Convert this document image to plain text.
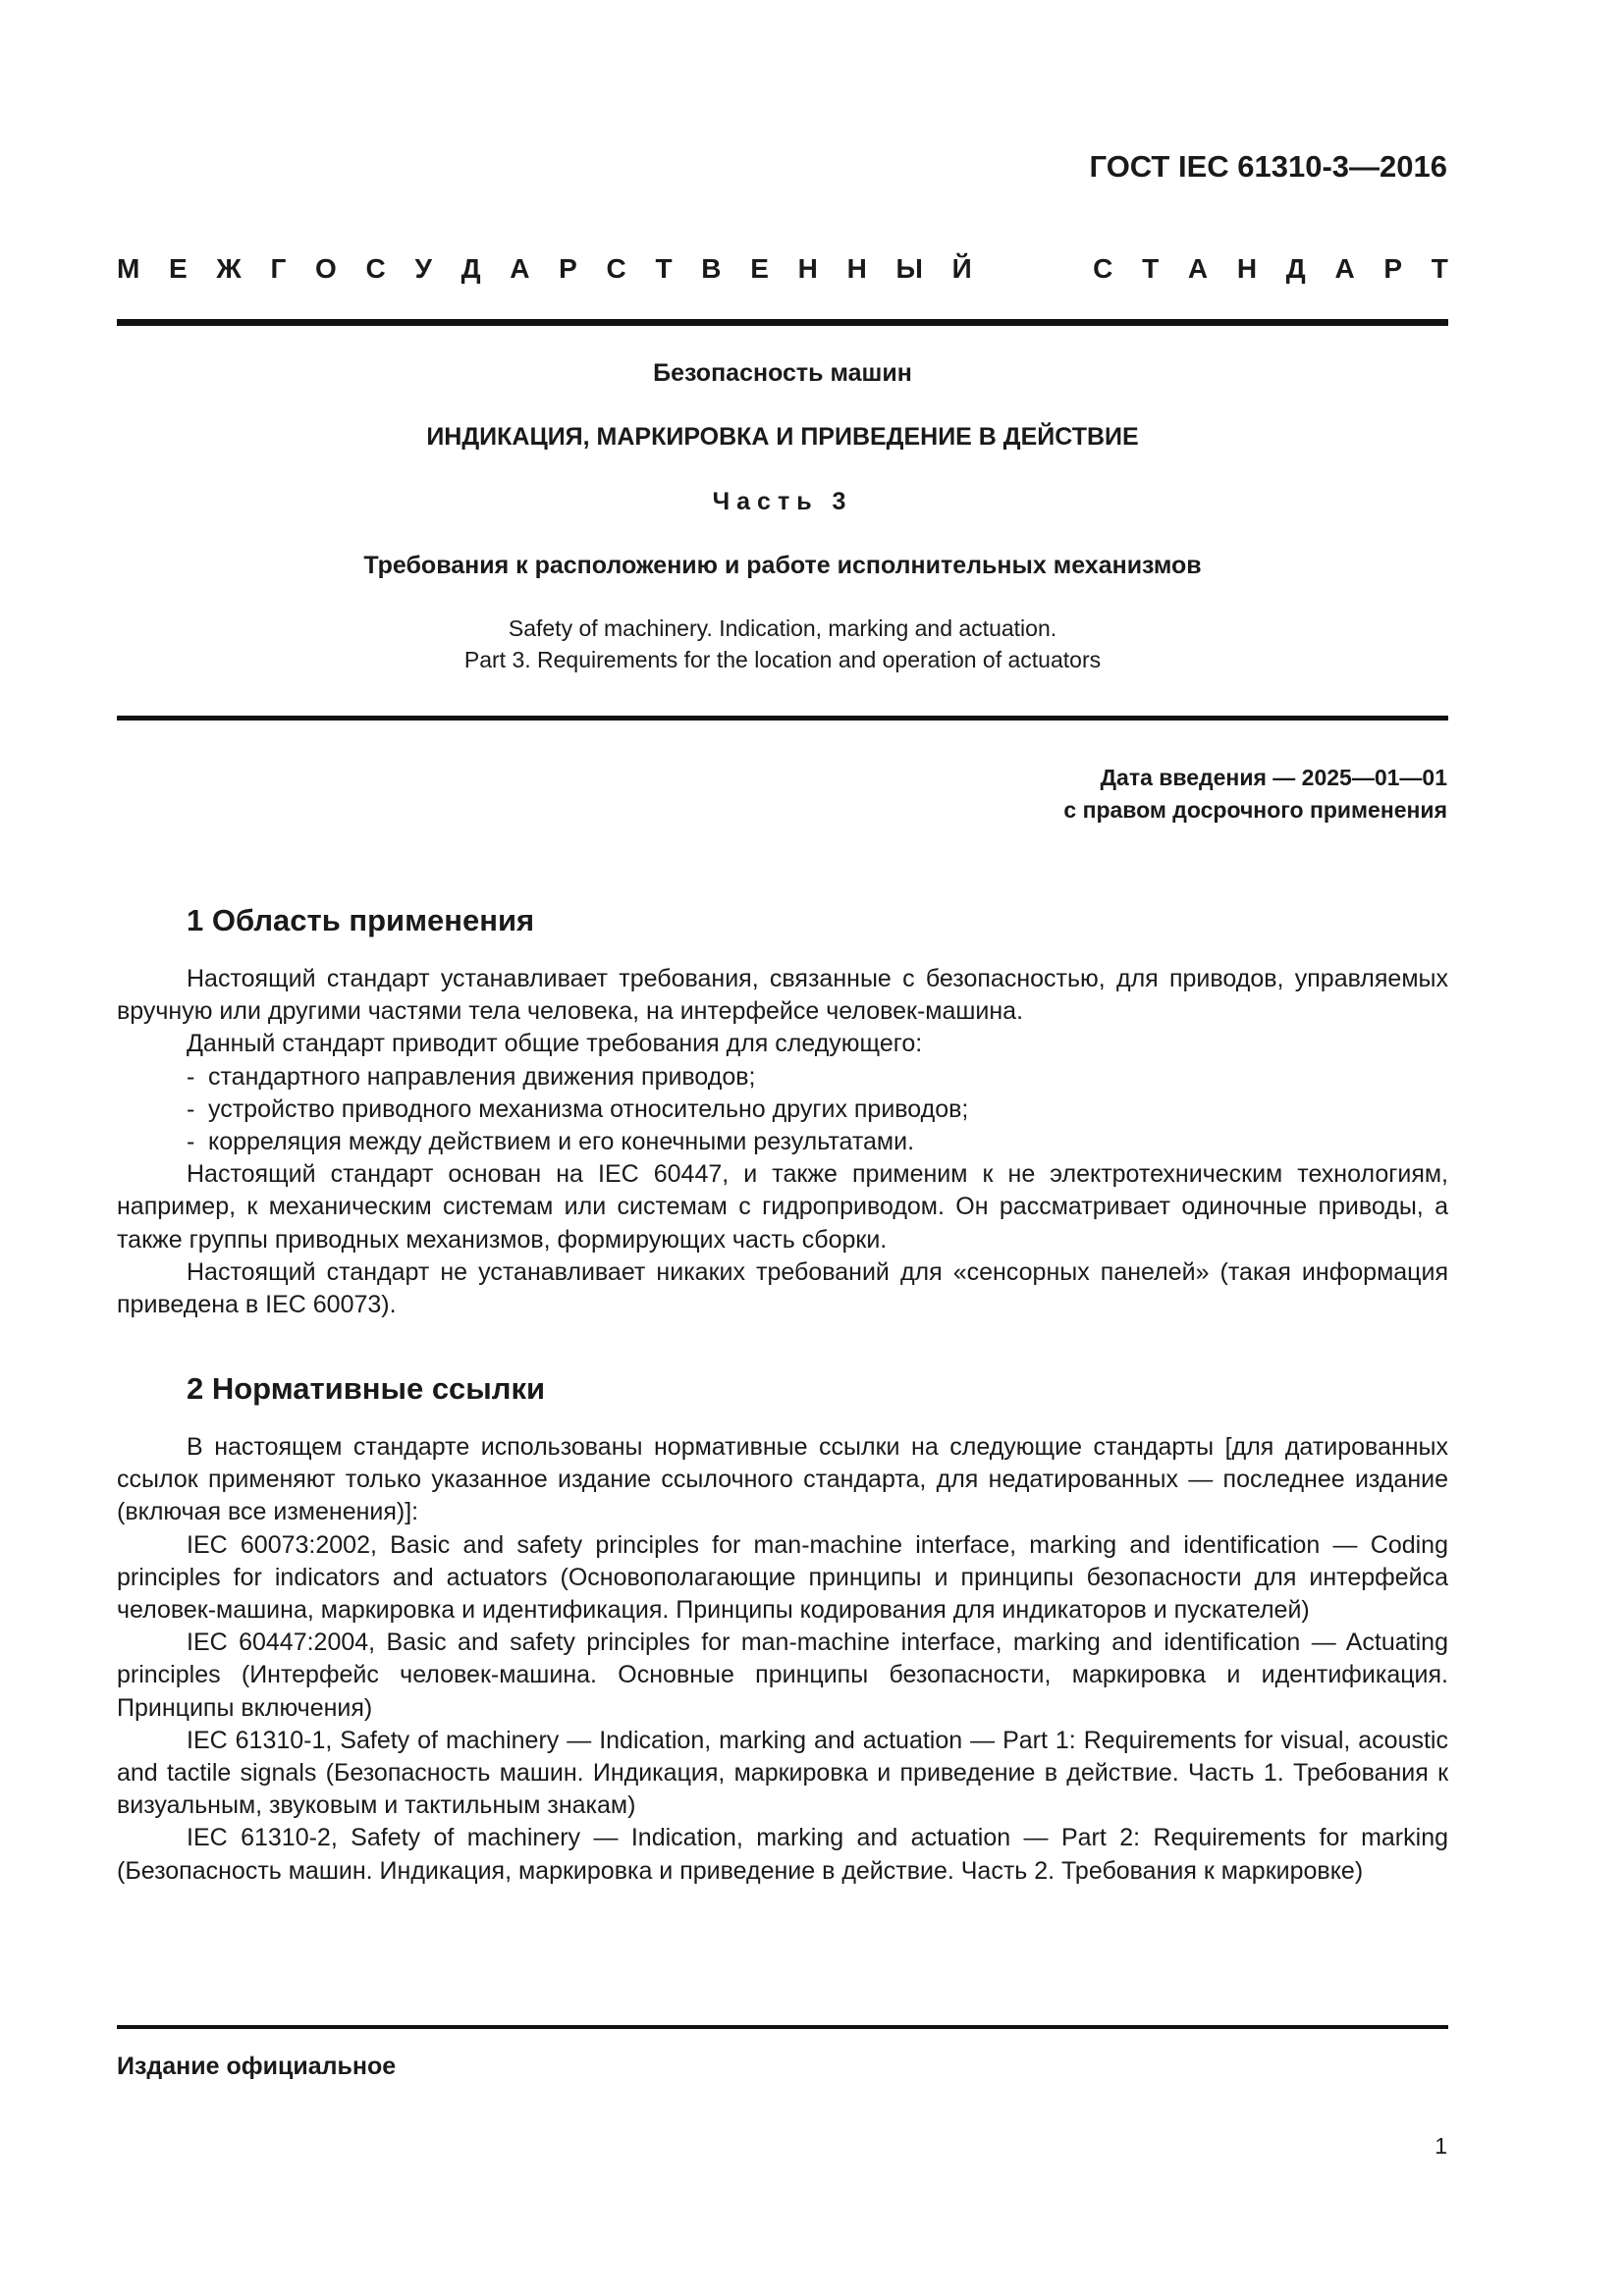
ГОСТ IEC 61310-3—2016
М Е Ж Г О С У Д А Р С Т В Е Н Н Ы Й	С Т А Н Д А Р Т
Безопасность машин
ИНДИКАЦИЯ, МАРКИРОВКА И ПРИВЕДЕНИЕ В ДЕЙСТВИЕ
Часть 3
Требования к расположению и работе исполнительных механизмов
Safety of machinery. Indication, marking and actuation.
Part 3. Requirements for the location and operation of actuators
Дата введения — 2025—01—01
с правом досрочного применения
1 Область применения

Настоящий стандарт устанавливает требования, связанные с безопасностью, для приводов, управляемых вручную или другими частями тела человека, на интерфейсе человек-машина.

Данный стандарт приводит общие требования для следующего:

- стандартного направления движения приводов;

- устройство приводного механизма относительно других приводов;

- корреляция между действием и его конечными результатами.

Настоящий стандарт основан на IEC 60447, и также применим к не электротехническим технологиям, например, к механическим системам или системам с гидроприводом. Он рассматривает одиночные приводы, а также группы приводных механизмов, формирующих часть сборки.

Настоящий стандарт не устанавливает никаких требований для «сенсорных панелей» (такая информация приведена в IEC 60073).

2 Нормативные ссылки

В настоящем стандарте использованы нормативные ссылки на следующие стандарты [для датированных ссылок применяют только указанное издание ссылочного стандарта, для недатированных — последнее издание (включая все изменения)]:

IEC 60073:2002, Basic and safety principles for man-machine interface, marking and identification — Coding principles for indicators and actuators (Основополагающие принципы и принципы безопасности для интерфейса человек-машина, маркировка и идентификация. Принципы кодирования для индикаторов и пускателей)

IEC 60447:2004, Basic and safety principles for man-machine interface, marking and identification — Actuating principles (Интерфейс человек-машина. Основные принципы безопасности, маркировка и идентификация. Принципы включения)

IEC 61310-1, Safety of machinery — Indication, marking and actuation — Part 1: Requirements for visual, acoustic and tactile signals (Безопасность машин. Индикация, маркировка и приведение в действие. Часть 1. Требования к визуальным, звуковым и тактильным знакам)

IEC 61310-2, Safety of machinery — Indication, marking and actuation — Part 2: Requirements for marking (Безопасность машин. Индикация, маркировка и приведение в действие. Часть 2. Требования к маркировке)

Издание официальное
1
